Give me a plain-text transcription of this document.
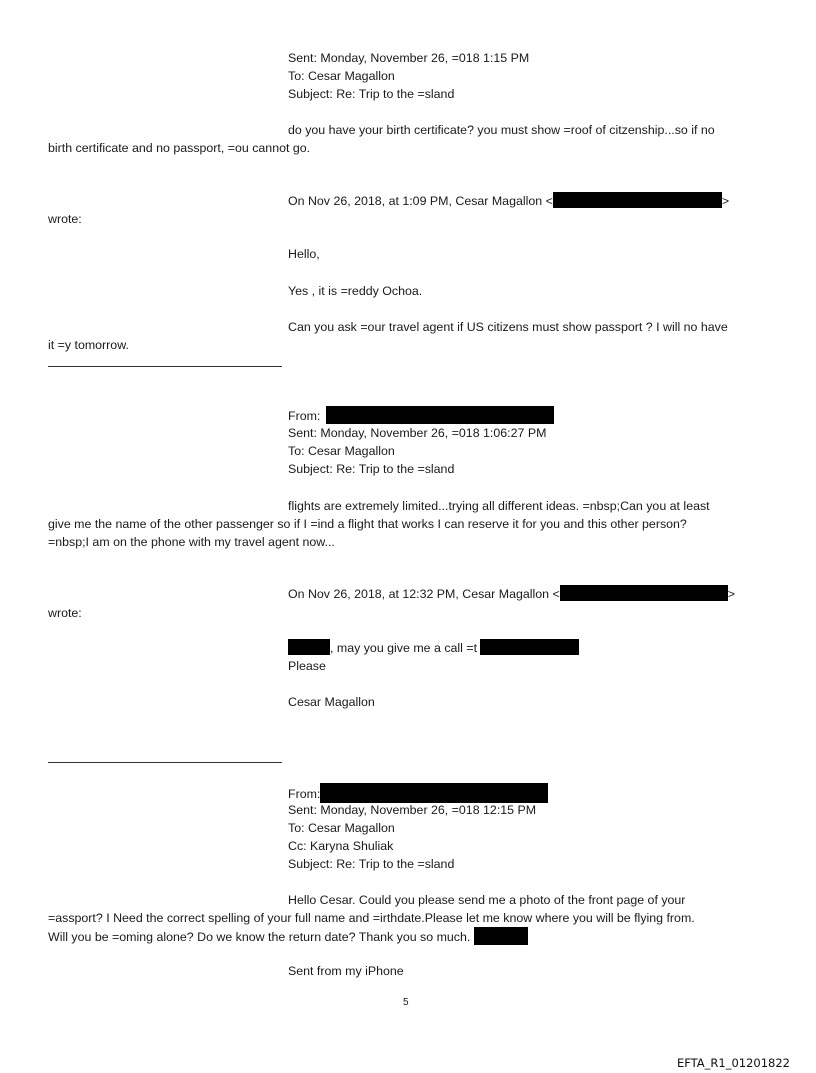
Sent: Monday, November 26, =018 1:15 PM
To: Cesar Magallon
Subject: Re: Trip to the =sland
do you have your birth certificate? you must show =roof of citzenship...so if no
birth certificate and no passport, =ou cannot go.
On Nov 26, 2018, at 1:09 PM, Cesar Magallon <	>
wrote:
Hello,
Yes , it is =reddy Ochoa.
Can you ask =our travel agent if US citizens must show passport ? I will no have
it =y tomorrow.
From:
Sent: Monday, November 26, =018 1:06:27 PM
To: Cesar Magallon
Subject: Re: Trip to the =sland
flights are extremely limited...trying all different ideas. =nbsp;Can you at least
give me the name of the other passenger so if I =ind a flight that works I can reserve it for you and this other person?
=nbsp;I am on the phone with my travel agent now...
On Nov 26, 2018, at 12:32 PM, Cesar Magallon <	>
wrote:
, may you give me a call =t
Please
Cesar Magallon
From:
Sent: Monday, November 26, =018 12:15 PM
To: Cesar Magallon
Cc: Karyna Shuliak
Subject: Re: Trip to the =sland
Hello Cesar. Could you please send me a photo of the front page of your
=assport? I Need the correct spelling of your full name and =irthdate.Please let me know where you will be flying from.
Will you be =oming alone? Do we know the return date? Thank you so much.
Sent from my iPhone
5
EFTA_R1_01201822
